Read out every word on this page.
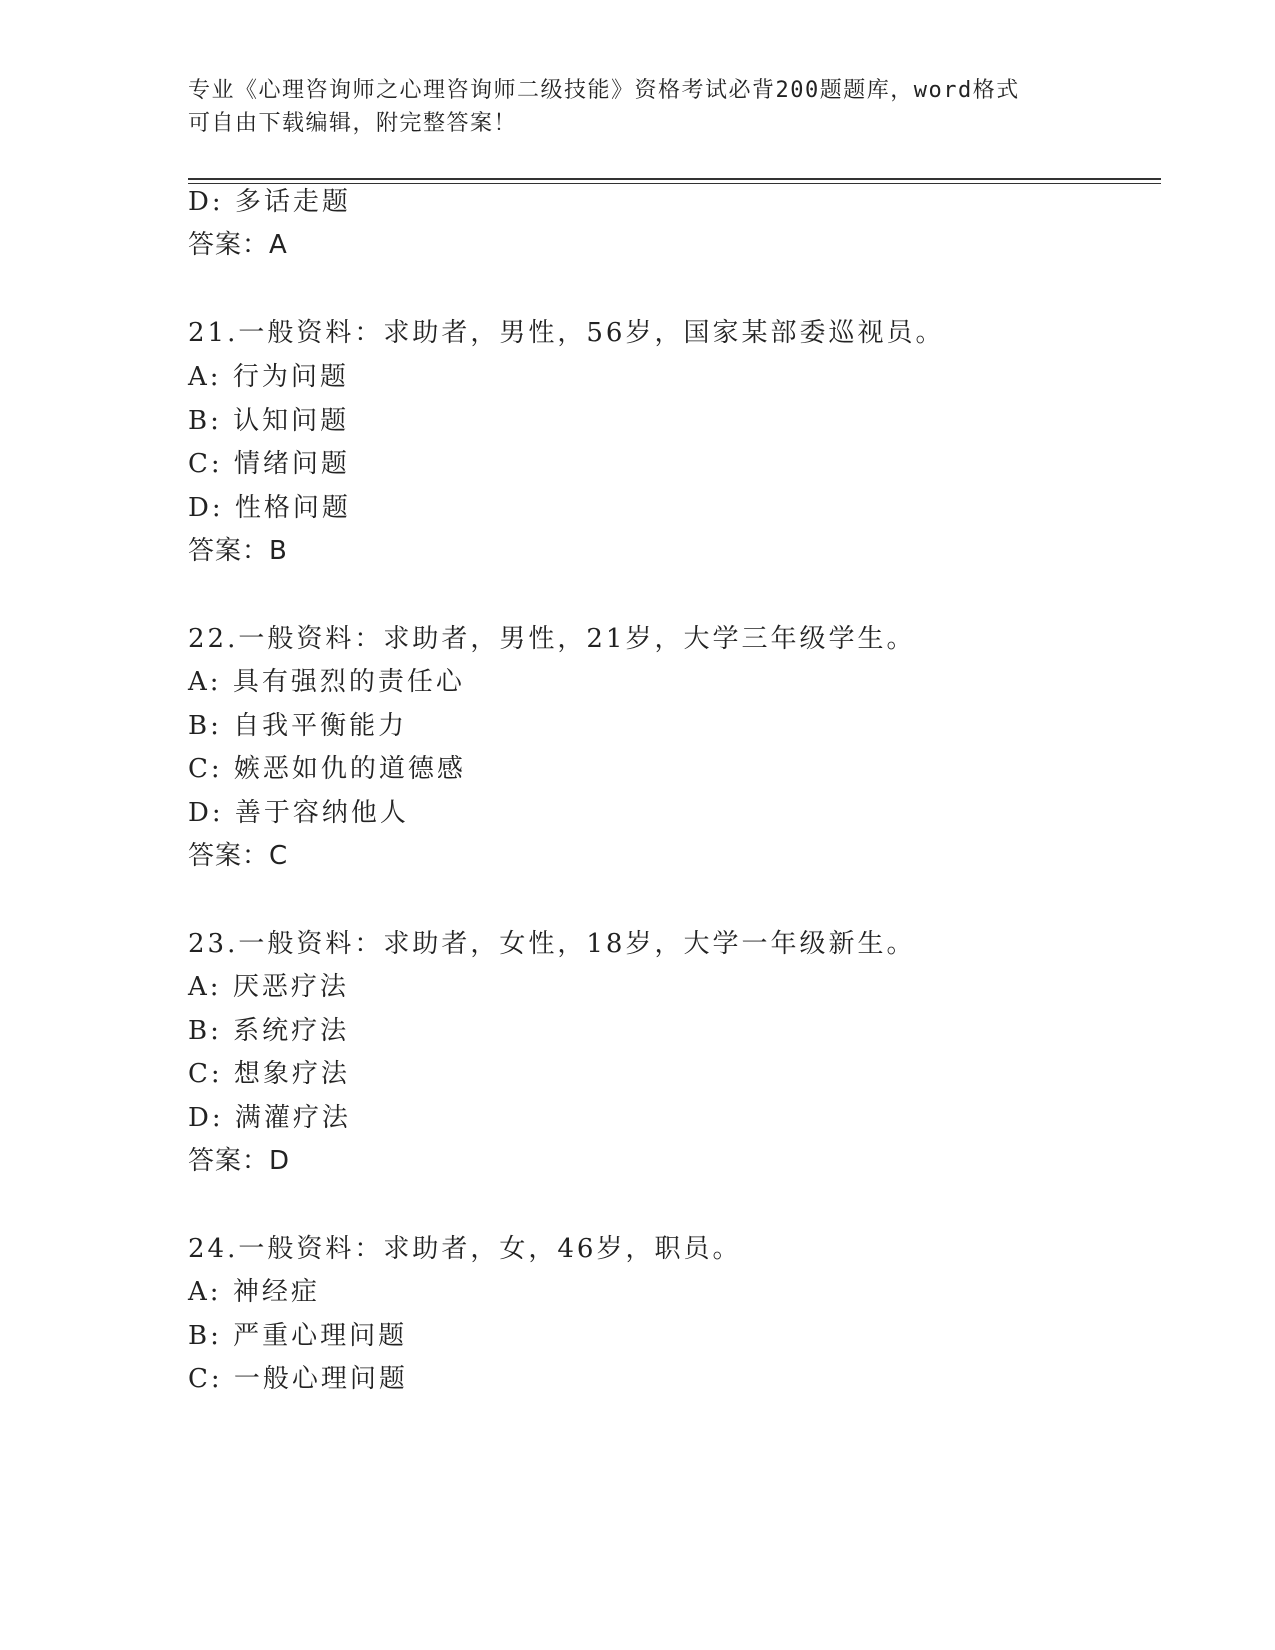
专业《心理咨询师之心理咨询师二级技能》资格考试必背200题题库，word格式
可自由下载编辑，附完整答案！
D: 多话走题
答案：A
21.一般资料：求助者，男性，56岁，国家某部委巡视员。
A: 行为问题
B: 认知问题
C: 情绪问题
D: 性格问题
答案：B
22.一般资料：求助者，男性，21岁，大学三年级学生。
A: 具有强烈的责任心
B: 自我平衡能力
C: 嫉恶如仇的道德感
D: 善于容纳他人
答案：C
23.一般资料：求助者，女性，18岁，大学一年级新生。
A: 厌恶疗法
B: 系统疗法
C: 想象疗法
D: 满灌疗法
答案：D
24.一般资料：求助者，女，46岁，职员。
A: 神经症
B: 严重心理问题
C: 一般心理问题
